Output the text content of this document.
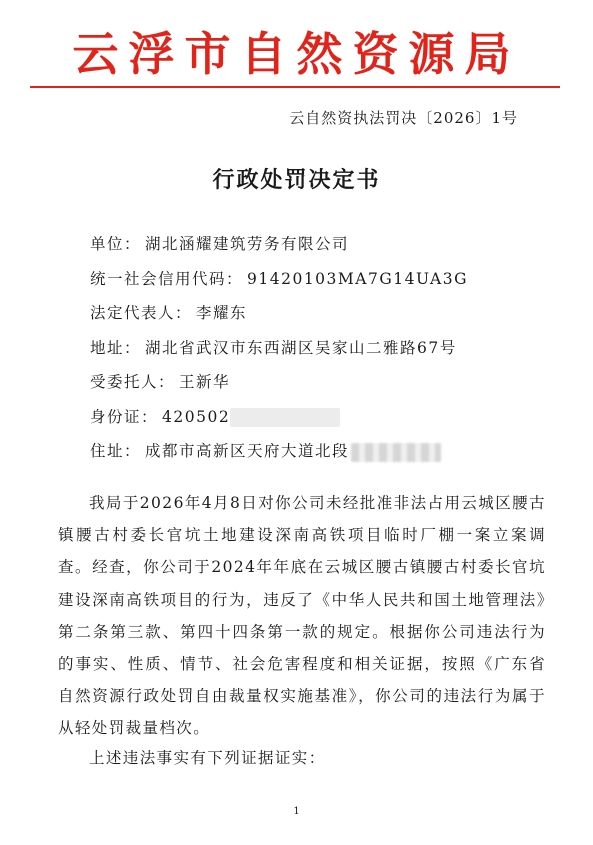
云浮市自然资源局
云自然资执法罚决〔2026〕1号
行政处罚决定书
单位： 湖北涵耀建筑劳务有限公司
统一社会信用代码： 91420103MA7G14UA3G
法定代表人： 李耀东
地址： 湖北省武汉市东西湖区吴家山二雅路67号
受委托人： 王新华
身份证： 420502
住址： 成都市高新区天府大道北段

我局于2026年4月8日对你公司未经批准非法占用云城区腰古镇腰古村委长官坑土地建设深南高铁项目临时厂棚一案立案调查。经查，你公司于2024年年底在云城区腰古镇腰古村委长官坑建设深南高铁项目的行为，违反了《中华人民共和国土地管理法》第二条第三款、第四十四条第一款的规定。根据你公司违法行为的事实、性质、情节、社会危害程度和相关证据，按照《广东省自然资源行政处罚自由裁量权实施基准》，你公司的违法行为属于从轻处罚裁量档次。

上述违法事实有下列证据证实：
1
